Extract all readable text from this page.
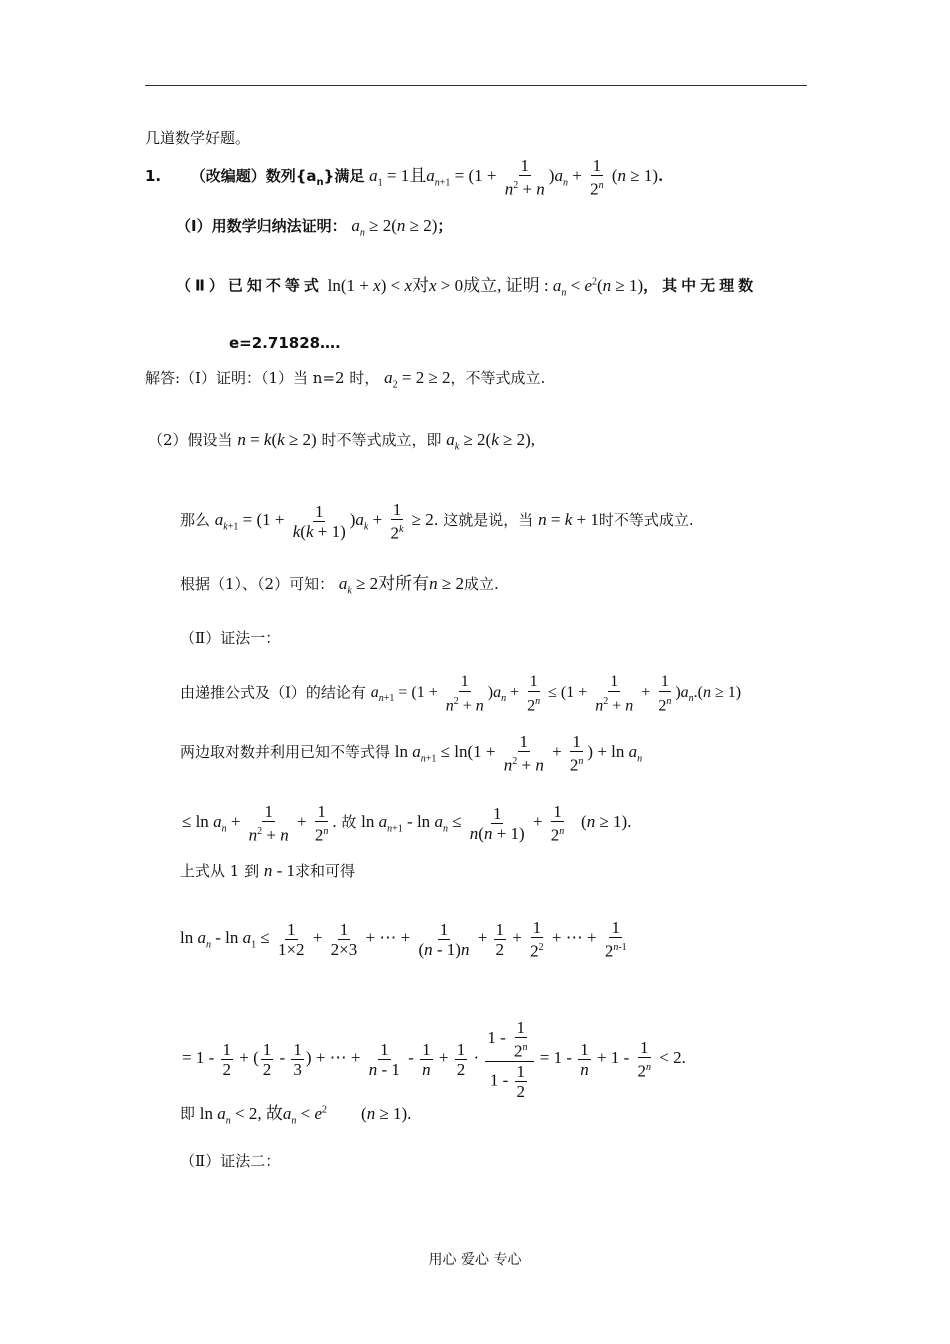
几道数学好题。
1. （改编题）数列$\{a_n\}$满足 $a_1 = 1$且$a_{n+1} = (1 + \frac{1}{n^2 + n} )a_n + \frac{1}{2^n} (n \ge 1)$.
（Ⅰ）用数学归纳法证明： $a_n \ge 2(n \ge 2)$；
（Ⅱ）已知不等式 ln(1 + x) < x对x > 0成立, 证明 : $a_n < e^2(n \ge 1)$，其中无理数
e=2.71828….
解答:（Ⅰ）证明：（1）当 n=2 时， $a_2 = 2 \ge 2$，不等式成立.
（2）假设当 n = k(k ≥ 2) 时不等式成立，即 $a_k \ge 2(k \ge 2)$,
那么 $a_{k+1} = (1 + \frac{1}{k(k + 1)} )a_k + \frac{1}{2^k} \ge 2$. 这就是说，当 n = k + 1时不等式成立.
根据（1）、（2）可知： $a_k \ge 2$对所有n ≥ 2成立.
（Ⅱ）证法一：
由递推公式及（Ⅰ）的结论有 $a_{n+1} = (1 + \frac{1}{n^2 + n} )a_n + \frac{1}{2^n} \le (1 + \frac{1}{n^2 + n} + \frac{1}{2^n} )a_n.(n \ge 1)$
两边取对数并利用已知不等式得 $\ln a_{n+1} \le \ln(1 + \frac{1}{n^2 + n} + \frac{1}{2^n}$ ) + $\ln a_n$
≤ $\ln a_n + \frac{1}{n^2 + n} + \frac{1}{2^n}$ . 故 $\ln a_{n+1} - \ln a_n \le \frac{1}{n(n + 1)} + \frac{1}{2^n} (n \ge 1)$.
上式从 1 到 n - 1求和可得
$\ln a_n - \ln a_1 \le \frac{1}{1\times 2} + \frac{1}{2\times 3}$ + ⋯ + $\frac{1}{(n - 1)n} + \frac{1}{2} + \frac{1}{2^2}$ + ⋯ + $\frac{1}{2^{n-1}}$
= $1 - \frac{1}{2}$ + ( $\frac{1}{2} - \frac{1}{3}$ ) + ⋯ + $\frac{1}{n - 1} - \frac{1}{n} + \frac{1}{2} \cdot \frac{1 - \frac{1}{2^n}}{1 - \frac{1}{2}} = 1 - \frac{1}{n} + 1 - \frac{1}{2^n} < 2$.
即 $\ln a_n < 2$, 故$a_n < e^2$        (n ≥ 1).
（Ⅱ）证法二：
用心 爱心 专心
